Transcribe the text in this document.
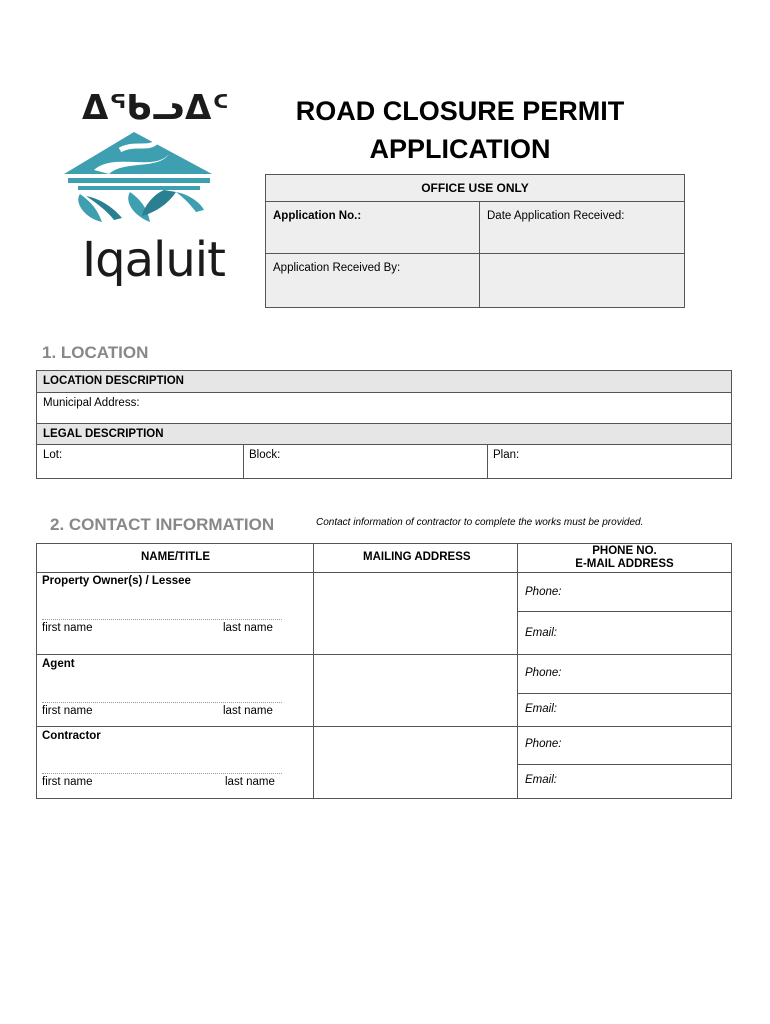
ᐃᖃᓗᐃᑦ
Iqaluit
ROAD CLOSURE PERMIT
APPLICATION
OFFICE USE ONLY
Application No.:	Date Application Received:
Application Received By:
1. LOCATION
LOCATION DESCRIPTION
Municipal Address:
LEGAL DESCRIPTION
Lot:	Block:	Plan:
2. CONTACT INFORMATION	Contact information of contractor to complete the works must be provided.
NAME/TITLE	MAILING ADDRESS	PHONE NO.
E-MAIL ADDRESS
Property Owner(s) / Lessee
first name	last name
Phone:
Email:
Agent
first name	last name
Phone:
Email:
Contractor
first name	last name
Phone:
Email:
